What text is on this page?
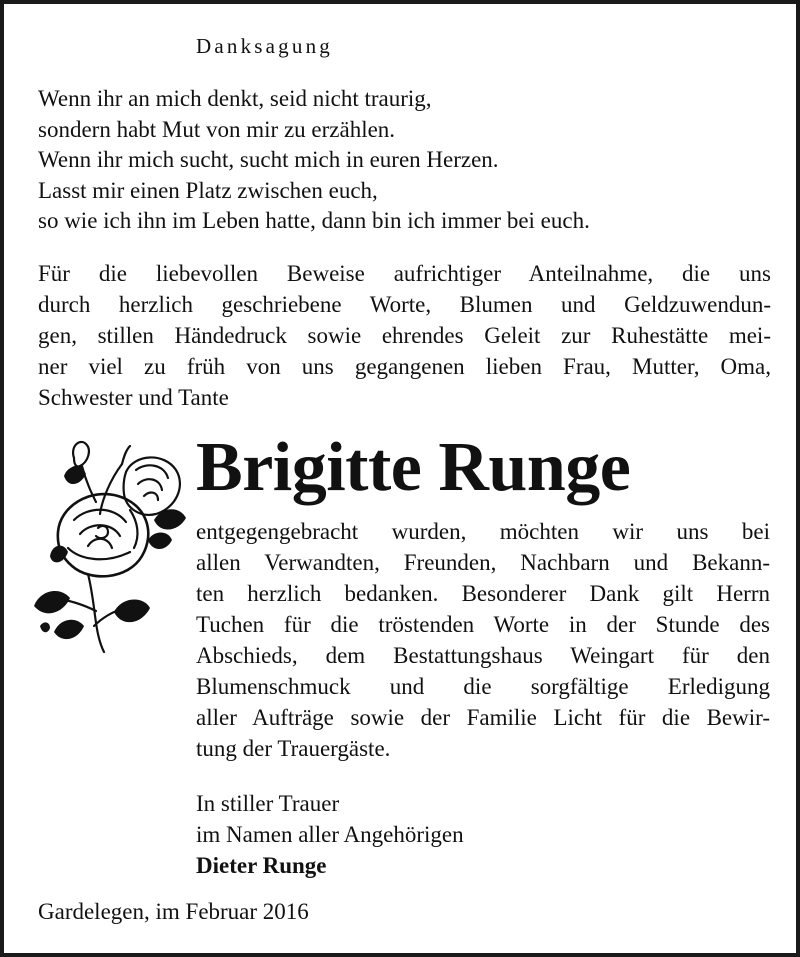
Danksagung
Wenn ihr an mich denkt, seid nicht traurig,
sondern habt Mut von mir zu erzählen.
Wenn ihr mich sucht, sucht mich in euren Herzen.
Lasst mir einen Platz zwischen euch,
so wie ich ihn im Leben hatte, dann bin ich immer bei euch.
Für die liebevollen Beweise aufrichtiger Anteilnahme, die uns
durch herzlich geschriebene Worte, Blumen und Geldzuwendun-
gen, stillen Händedruck sowie ehrendes Geleit zur Ruhestätte mei-
ner viel zu früh von uns gegangenen lieben Frau, Mutter, Oma,
Schwester und Tante
Brigitte Runge
entgegengebracht wurden, möchten wir uns bei
allen Verwandten, Freunden, Nachbarn und Bekann-
ten herzlich bedanken. Besonderer Dank gilt Herrn
Tuchen für die tröstenden Worte in der Stunde des
Abschieds, dem Bestattungshaus Weingart für den
Blumenschmuck und die sorgfältige Erledigung
aller Aufträge sowie der Familie Licht für die Bewir-
tung der Trauergäste.
In stiller Trauer
im Namen aller Angehörigen
Dieter Runge
Gardelegen, im Februar 2016
